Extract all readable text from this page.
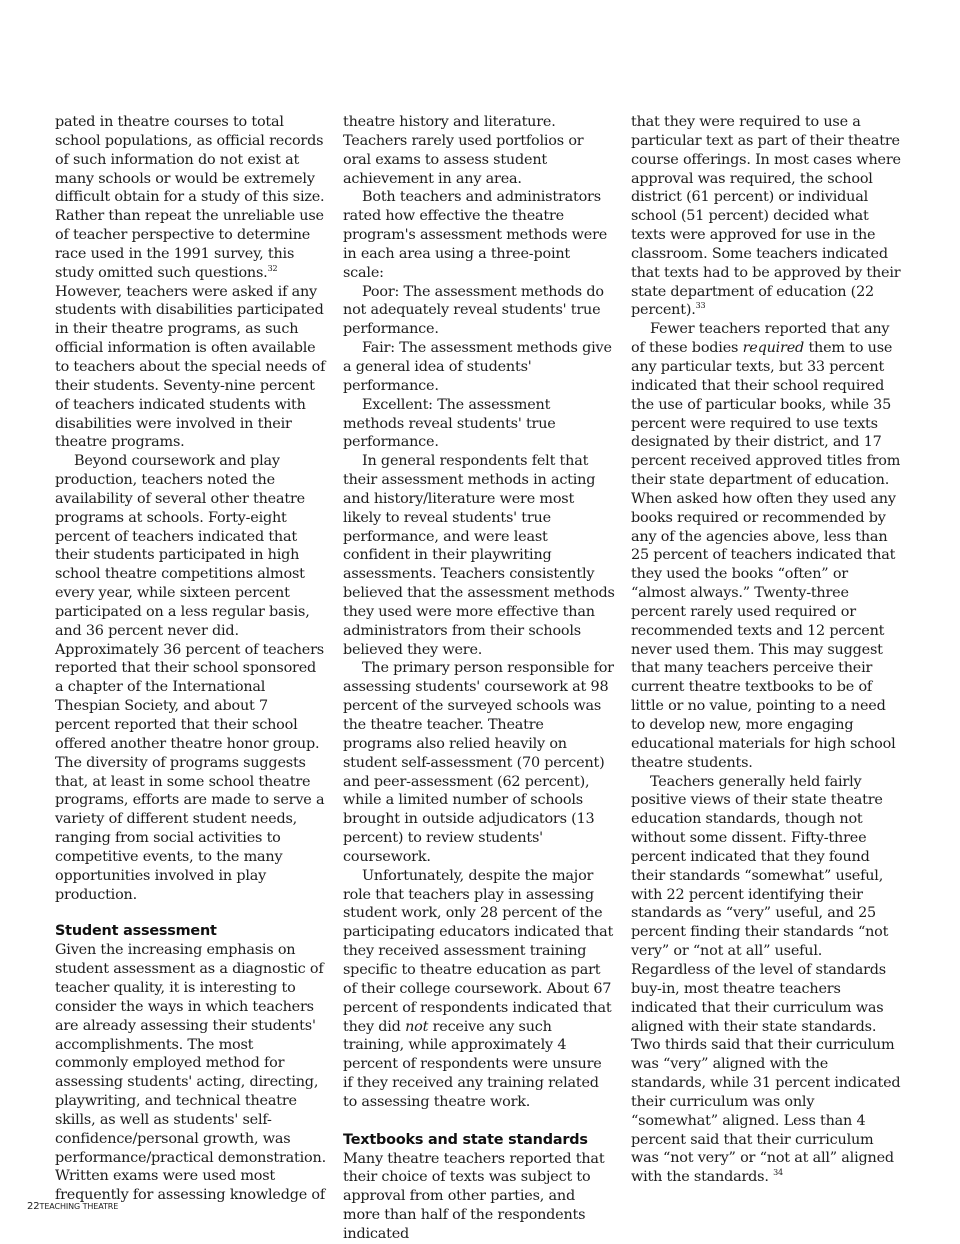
pated in theatre courses to total school populations, as official records of such information do not exist at many schools or would be extremely difficult obtain for a study of this size. Rather than repeat the unreliable use of teacher perspective to determine race used in the 1991 survey, this study omitted such questions.$^{32}$ However, teachers were asked if any students with disabilities participated in their theatre programs, as such official information is often available to teachers about the special needs of their students. Seventy-nine percent of teachers indicated students with disabilities were involved in their theatre programs.

Beyond coursework and play production, teachers noted the availability of several other theatre programs at schools. Forty-eight percent of teachers indicated that their students participated in high school theatre competitions almost every year, while sixteen percent participated on a less regular basis, and 36 percent never did. Approximately 36 percent of teachers reported that their school sponsored a chapter of the International Thespian Society, and about 7 percent reported that their school offered another theatre honor group. The diversity of programs suggests that, at least in some school theatre programs, efforts are made to serve a variety of different student needs, ranging from social activities to competitive events, to the many opportunities involved in play production.

Student assessment

Given the increasing emphasis on student assessment as a diagnostic of teacher quality, it is interesting to consider the ways in which teachers are already assessing their students' accomplishments. The most commonly employed method for assessing students' acting, directing, playwriting, and technical theatre skills, as well as students' self-confidence/personal growth, was performance/practical demonstration. Written exams were used most frequently for assessing knowledge of

theatre history and literature. Teachers rarely used portfolios or oral exams to assess student achievement in any area.

Both teachers and administrators rated how effective the theatre program's assessment methods were in each area using a three-point scale:

Poor: The assessment methods do not adequately reveal students' true performance.

Fair: The assessment methods give a general idea of students' performance.

Excellent: The assessment methods reveal students' true performance.

In general respondents felt that their assessment methods in acting and history/literature were most likely to reveal students' true performance, and were least confident in their playwriting assessments. Teachers consistently believed that the assessment methods they used were more effective than administrators from their schools believed they were.

The primary person responsible for assessing students' coursework at 98 percent of the surveyed schools was the theatre teacher. Theatre programs also relied heavily on student self-assessment (70 percent) and peer-assessment (62 percent), while a limited number of schools brought in outside adjudicators (13 percent) to review students' coursework.

Unfortunately, despite the major role that teachers play in assessing student work, only 28 percent of the participating educators indicated that they received assessment training specific to theatre education as part of their college coursework. About 67 percent of respondents indicated that they did not receive any such training, while approximately 4 percent of respondents were unsure if they received any training related to assessing theatre work.

Textbooks and state standards

Many theatre teachers reported that their choice of texts was subject to approval from other parties, and more than half of the respondents indicated

that they were required to use a particular text as part of their theatre course offerings. In most cases where approval was required, the school district (61 percent) or individual school (51 percent) decided what texts were approved for use in the classroom. Some teachers indicated that texts had to be approved by their state department of education (22 percent).$^{33}$

Fewer teachers reported that any of these bodies required them to use any particular texts, but 33 percent indicated that their school required the use of particular books, while 35 percent were required to use texts designated by their district, and 17 percent received approved titles from their state department of education. When asked how often they used any books required or recommended by any of the agencies above, less than 25 percent of teachers indicated that they used the books “often” or “almost always.” Twenty-three percent rarely used required or recommended texts and 12 percent never used them. This may suggest that many teachers perceive their current theatre textbooks to be of little or no value, pointing to a need to develop new, more engaging educational materials for high school theatre students.

Teachers generally held fairly positive views of their state theatre education standards, though not without some dissent. Fifty-three percent indicated that they found their standards “somewhat” useful, with 22 percent identifying their standards as “very” useful, and 25 percent finding their standards “not very” or “not at all” useful. Regardless of the level of standards buy-in, most theatre teachers indicated that their curriculum was aligned with their state standards. Two thirds said that their curriculum was “very” aligned with the standards, while 31 percent indicated their curriculum was only “somewhat” aligned. Less than 4 percent said that their curriculum was “not very” or “not at all” aligned with the standards. $^{34}$

22TEACHING THEATRE
